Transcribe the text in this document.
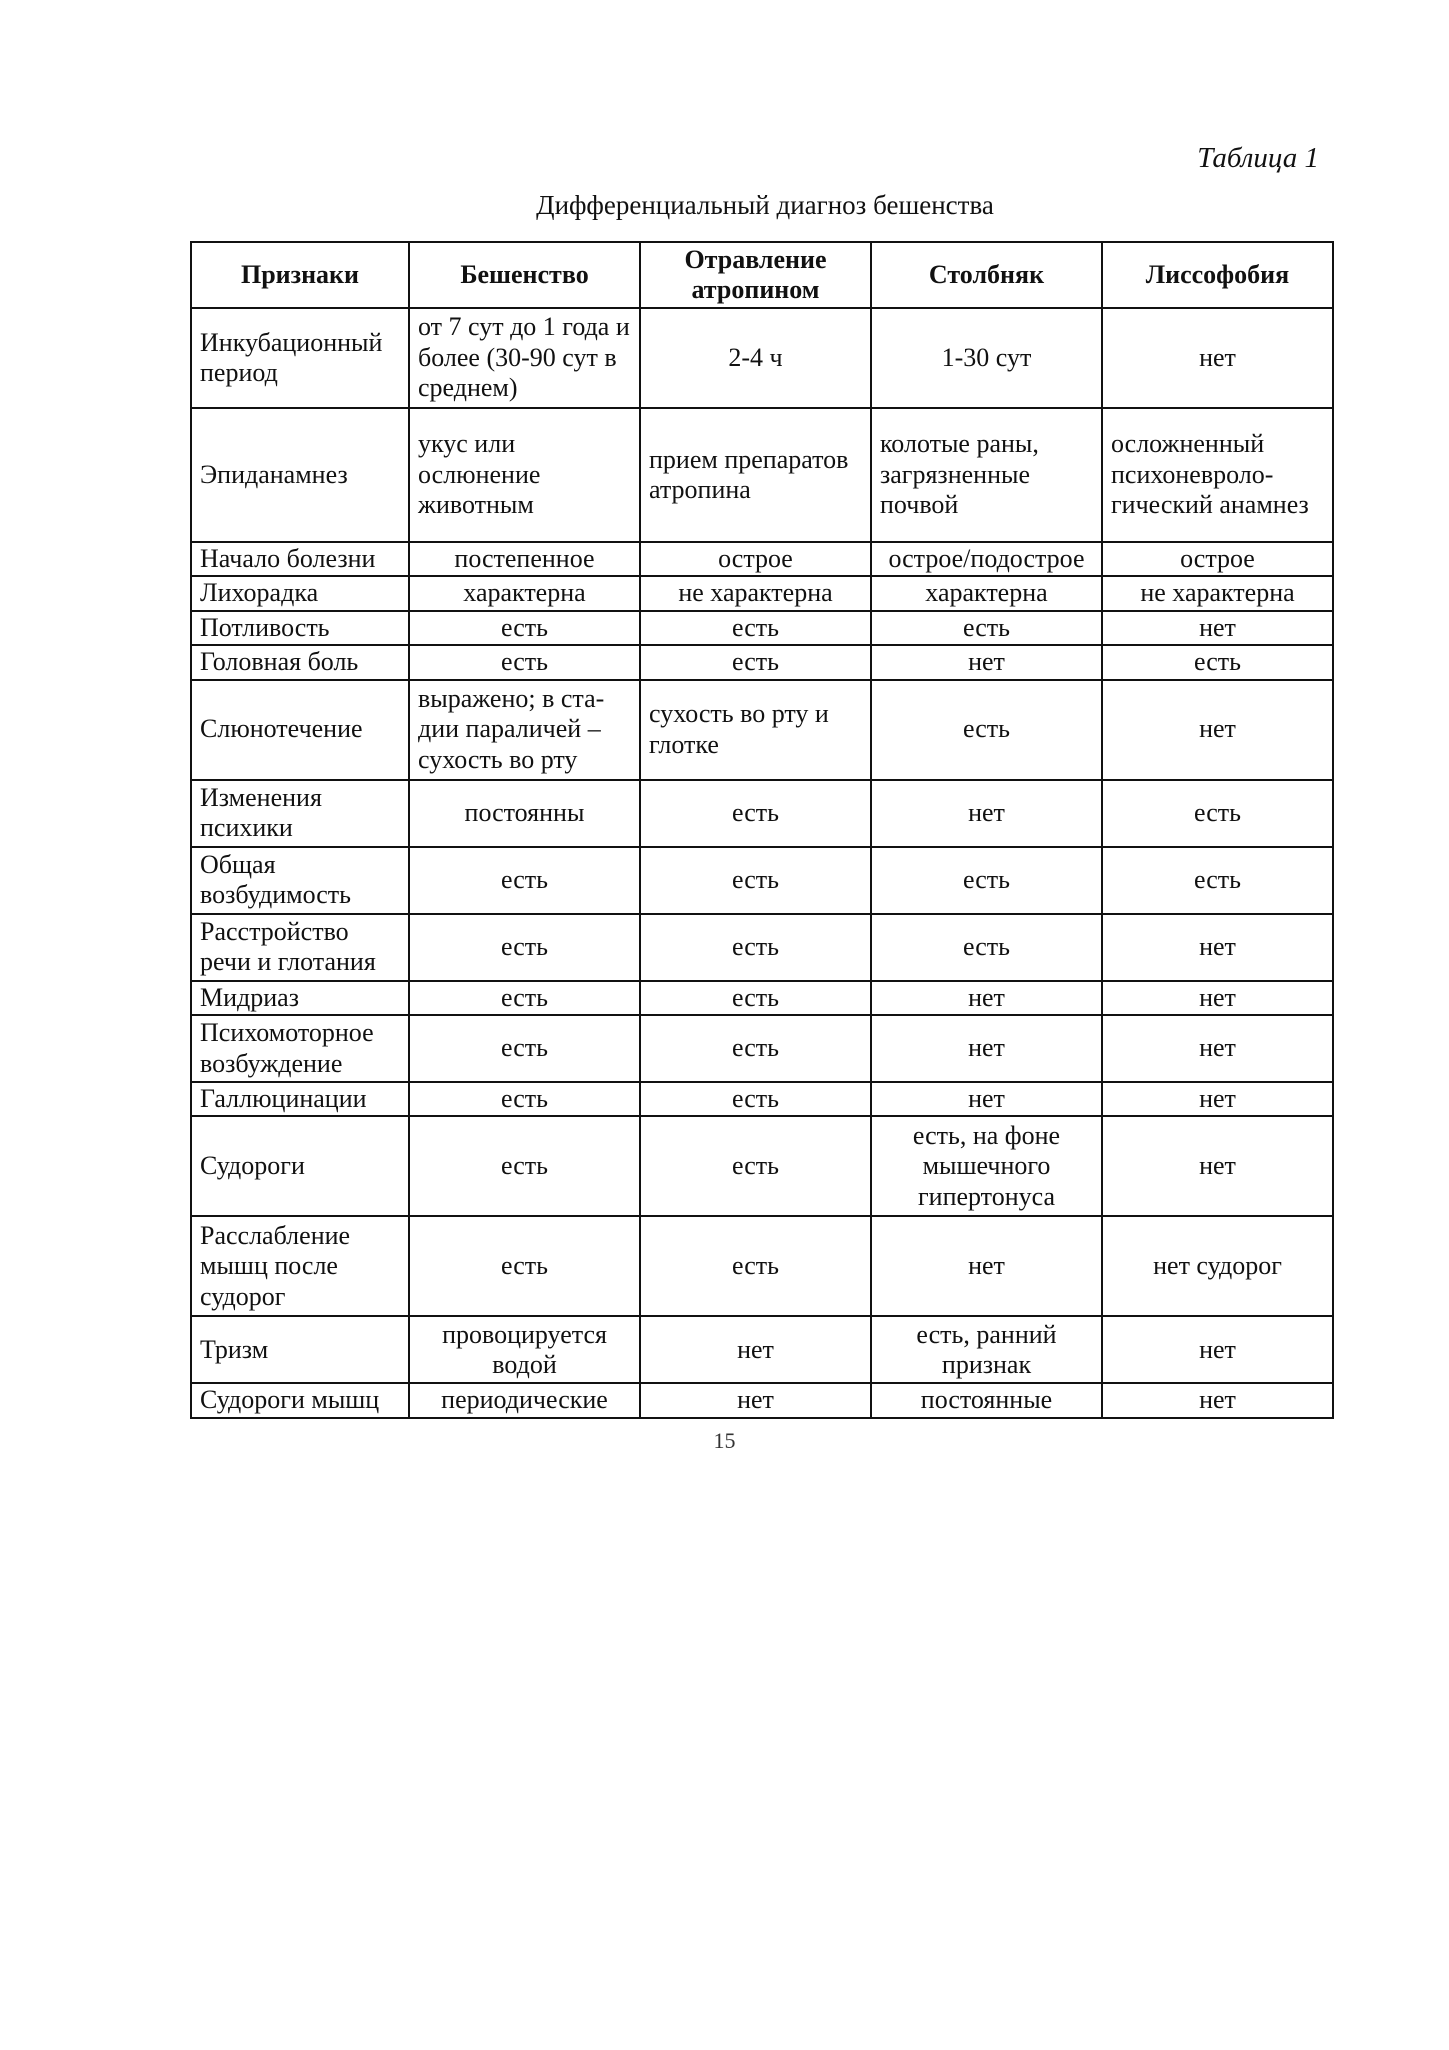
Таблица 1
Дифференциальный диагноз бешенства
Признаки	Бешенство	Отравление атропином	Столбняк	Лиссофобия
Инкубационный период	от 7 сут до 1 года и более (30-90 сут в среднем)	2-4 ч	1-30 сут	нет
Эпиданамнез	укус или ослюнение животным	прием препаратов атропина	колотые раны, загрязненные почвой	осложненный психоневроло-гический анамнез
Начало болезни	постепенное	острое	острое/подострое	острое
Лихорадка	характерна	не характерна	характерна	не характерна
Потливость	есть	есть	есть	нет
Головная боль	есть	есть	нет	есть
Слюнотечение	выражено; в ста-дии параличей – сухость во рту	сухость во рту и глотке	есть	нет
Изменения психики	постоянны	есть	нет	есть
Общая возбудимость	есть	есть	есть	есть
Расстройство речи и глотания	есть	есть	есть	нет
Мидриаз	есть	есть	нет	нет
Психомоторное возбуждение	есть	есть	нет	нет
Галлюцинации	есть	есть	нет	нет
Судороги	есть	есть	есть, на фоне мышечного гипертонуса	нет
Расслабление мышц после судорог	есть	есть	нет	нет судорог
Тризм	провоцируется водой	нет	есть, ранний признак	нет
Судороги мышц	периодические	нет	постоянные	нет
15
